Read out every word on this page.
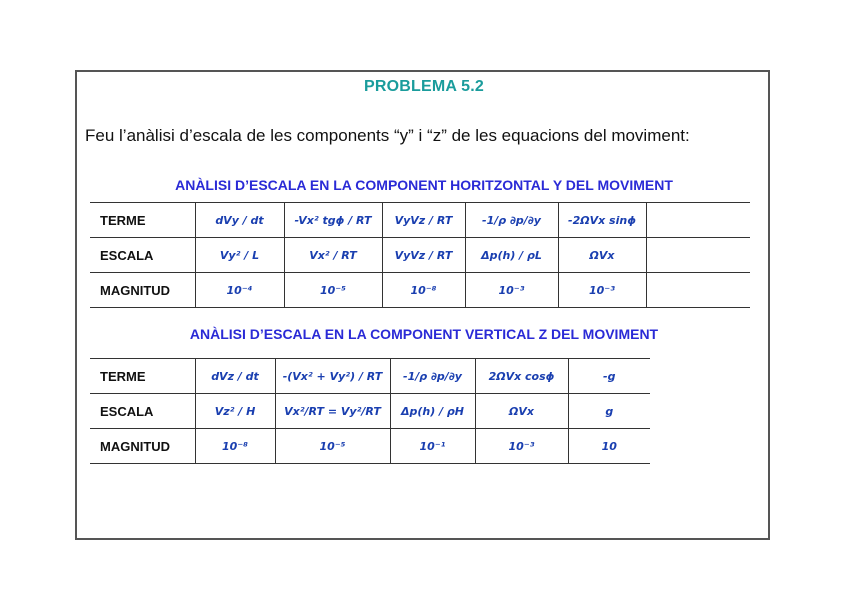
PROBLEMA 5.2
Feu l’anàlisi d’escala de les components “y” i “z” de les equacions del moviment:
ANÀLISI D’ESCALA EN LA COMPONENT HORITZONTAL Y DEL MOVIMENT
TERME	dVy / dt	-Vx² tgϕ / RT	VyVz / RT	-1/ρ ∂p/∂y	-2ΩVx sinϕ	
ESCALA	Vy² / L	Vx² / RT	VyVz / RT	Δp(h) / ρL	ΩVx	
MAGNITUD	10⁻⁴	10⁻⁵	10⁻⁸	10⁻³	10⁻³	
ANÀLISI D’ESCALA EN LA COMPONENT VERTICAL Z DEL MOVIMENT
TERME	dVz / dt	-(Vx² + Vy²) / RT	-1/ρ ∂p/∂y	2ΩVx cosϕ	-g
ESCALA	Vz² / H	Vx²/RT = Vy²/RT	Δp(h) / ρH	ΩVx	g
MAGNITUD	10⁻⁸	10⁻⁵	10⁻¹	10⁻³	10
